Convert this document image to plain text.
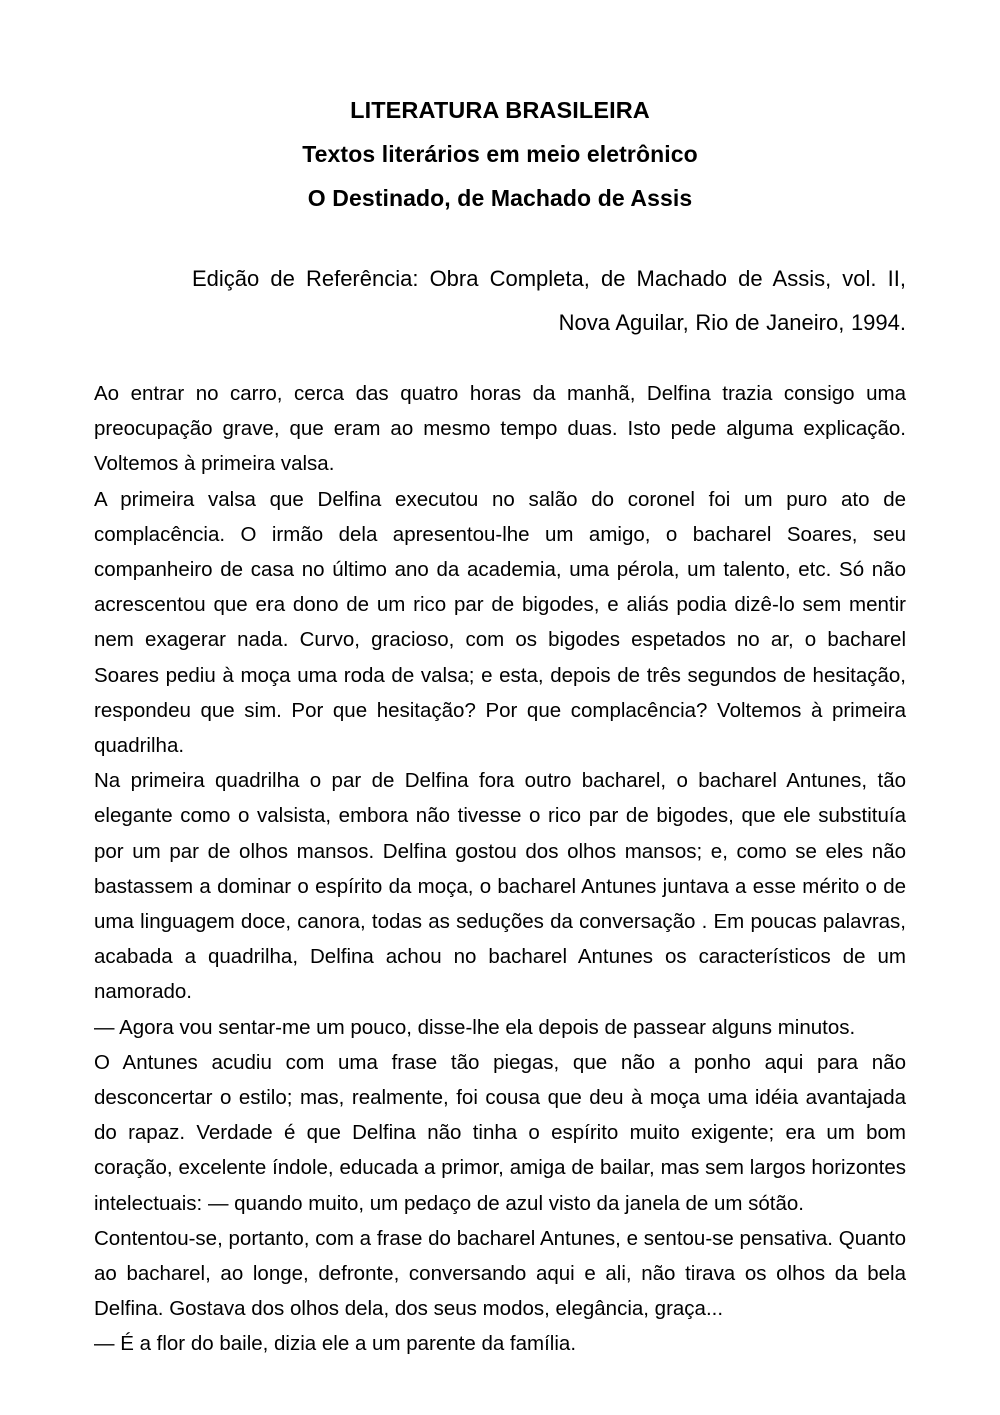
LITERATURA BRASILEIRA
Textos literários em meio eletrônico
O Destinado, de Machado de Assis
Edição de Referência: Obra Completa, de Machado de Assis, vol. II, Nova Aguilar, Rio de Janeiro, 1994.

Ao entrar no carro, cerca das quatro horas da manhã, Delfina trazia consigo uma preocupação grave, que eram ao mesmo tempo duas. Isto pede alguma explicação. Voltemos à primeira valsa.

A primeira valsa que Delfina executou no salão do coronel foi um puro ato de complacência. O irmão dela apresentou-lhe um amigo, o bacharel Soares, seu companheiro de casa no último ano da academia, uma pérola, um talento, etc. Só não acrescentou que era dono de um rico par de bigodes, e aliás podia dizê-lo sem mentir nem exagerar nada. Curvo, gracioso, com os bigodes espetados no ar, o bacharel Soares pediu à moça uma roda de valsa; e esta, depois de três segundos de hesitação, respondeu que sim. Por que hesitação? Por que complacência? Voltemos à primeira quadrilha.

Na primeira quadrilha o par de Delfina fora outro bacharel, o bacharel Antunes, tão elegante como o valsista, embora não tivesse o rico par de bigodes, que ele substituía por um par de olhos mansos. Delfina gostou dos olhos mansos; e, como se eles não bastassem a dominar o espírito da moça, o bacharel Antunes juntava a esse mérito o de uma linguagem doce, canora, todas as seduções da conversação . Em poucas palavras, acabada a quadrilha, Delfina achou no bacharel Antunes os característicos de um namorado.

— Agora vou sentar-me um pouco, disse-lhe ela depois de passear alguns minutos.

O Antunes acudiu com uma frase tão piegas, que não a ponho aqui para não desconcertar o estilo; mas, realmente, foi cousa que deu à moça uma idéia avantajada do rapaz. Verdade é que Delfina não tinha o espírito muito exigente; era um bom coração, excelente índole, educada a primor, amiga de bailar, mas sem largos horizontes intelectuais: — quando muito, um pedaço de azul visto da janela de um sótão.

Contentou-se, portanto, com a frase do bacharel Antunes, e sentou-se pensativa. Quanto ao bacharel, ao longe, defronte, conversando aqui e ali, não tirava os olhos da bela Delfina. Gostava dos olhos dela, dos seus modos, elegância, graça...

— É a flor do baile, dizia ele a um parente da família.
